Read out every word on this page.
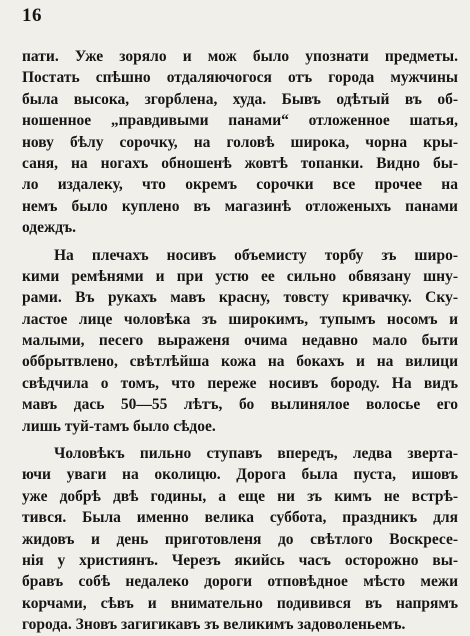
16
пати. Уже зоряло и мож было упознати предметы.
Постать спѣшно отдаляючогося отъ города мужчины
была высока, згорблена, худа. Бывъ одѣтый въ об-
ношенное „правдивыми панами“ отложенное шатья,
нову бѣлу сорочку, на головѣ широка, чорна кры-
саня, на ногахъ обношенѣ жовтѣ топанки. Видно бы-
ло издалеку, что окремъ сорочки все прочее на
немъ было куплено въ магазинѣ отложеныхъ панами
одеждъ.
На плечахъ носивъ объемисту торбу зъ широ-
кими ремѣнями и при устю ее сильно обвязану шну-
рами. Въ рукахъ мавъ красну, товсту кривачку. Ску-
ластое лице чоловѣка зъ широкимъ, тупымъ носомъ и
малыми, песего выраженя очима недавно мало быти
оббрытвлено, свѣтлѣйша кожа на бокахъ и на вилици
свѣдчила о томъ, что переже носивъ бороду. На видъ
мавъ дась 50—55 лѣтъ, бо вылинялое волосье его
лишь туй-тамъ было сѣдое.
Чоловѣкъ пильно ступавъ впередъ, ледва зверта-
ючи уваги на околицю. Дорога была пуста, ишовъ
уже добрѣ двѣ годины, а еще ни зъ кимъ не встрѣ-
тився. Была именно велика суббота, праздникъ для
жидовъ и день приготовленя до свѣтлого Воскресе-
нія у християнъ. Черезъ якийсь часъ осторожно вы-
бравъ собѣ недалеко дороги отповѣдное мѣсто межи
корчами, сѣвъ и внимательно подивився въ напрямъ
города. Зновъ загигикавъ зъ великимъ задоволеньемъ.
